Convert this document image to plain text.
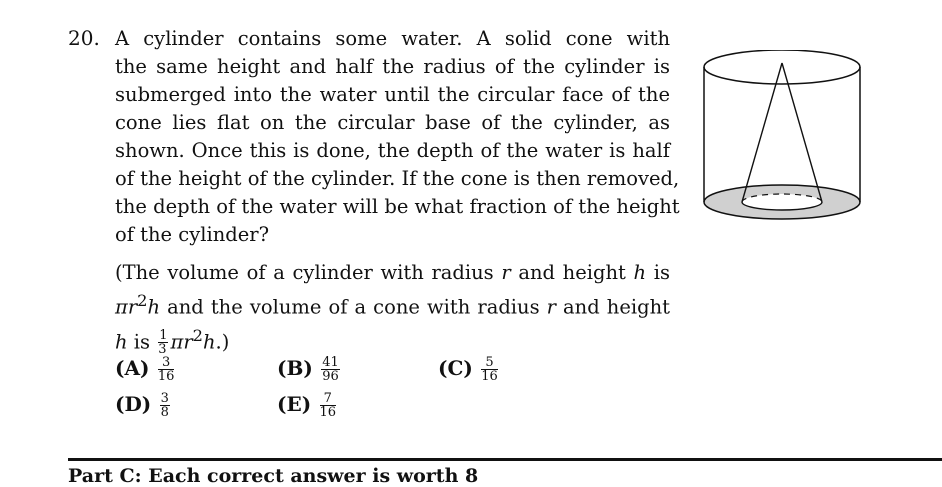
20. A cylinder contains some water. A solid cone with
the same height and half the radius of the cylinder is
submerged into the water until the circular face of the
cone lies flat on the circular base of the cylinder, as
shown. Once this is done, the depth of the water is half
of the height of the cylinder. If the cone is then removed,
the depth of the water will be what fraction of the height
of the cylinder?
(The volume of a cylinder with radius r and height h is
$\pi r^2h$ and the volume of a cone with radius r and height
h is $\frac{1}{3} \pi r^2h$.)
$(A) \frac{3}{16}$	$(B) \frac{41}{96}$	$(C) \frac{5}{16}$
$(D) \frac{3}{8}$	$(E) \frac{7}{16}$
Part C: Each correct answer is worth 8
